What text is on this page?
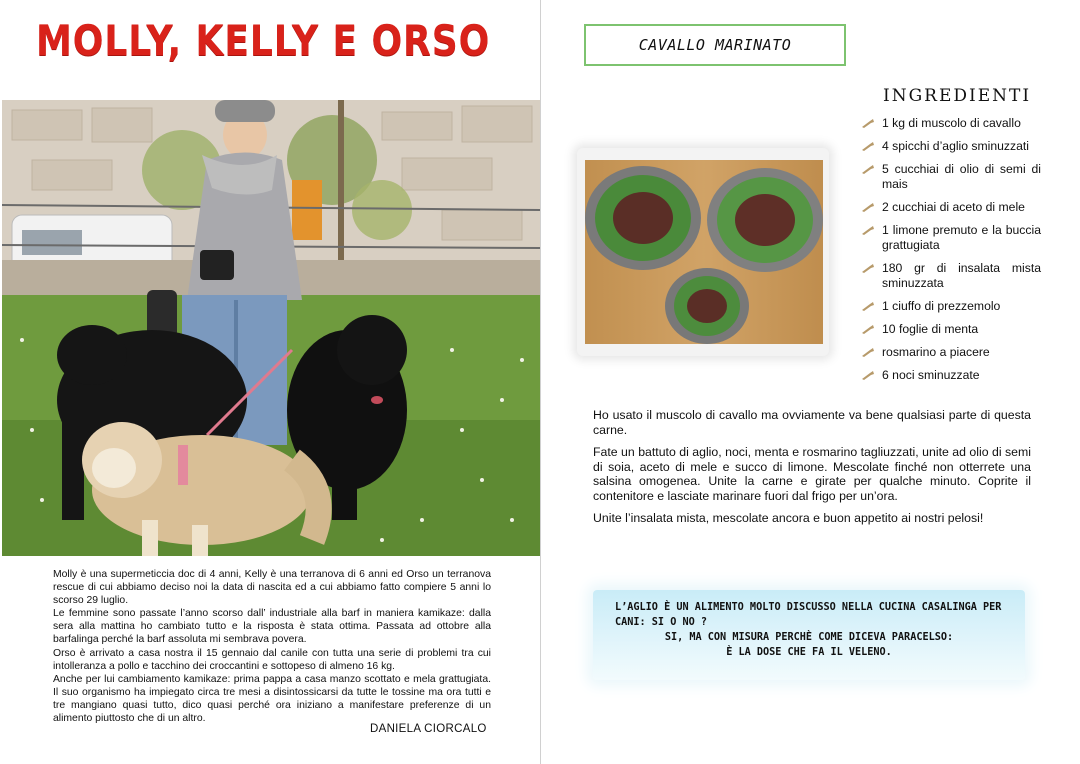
MOLLY, KELLY E ORSO

Molly è una supermeticcia doc di 4 anni, Kelly è una terranova di 6 anni ed Orso un terranova rescue di cui abbiamo deciso noi la data di nascita ed a cui abbiamo fatto compiere 5 anni lo scorso 29 luglio.

Le femmine sono passate l’anno scorso dall’ industriale alla barf in maniera kamikaze: dalla sera alla mattina ho cambiato tutto e la risposta è stata ottima. Passata ad ottobre alla barfalinga perché la barf assoluta mi sembrava povera.

Orso è arrivato a casa nostra il 15 gennaio dal canile con tutta una serie di problemi tra cui intolleranza a pollo e tacchino dei croccantini e sottopeso di almeno 16 kg.

Anche per lui cambiamento kamikaze: prima pappa a casa manzo scottato e mela grattugiata. Il suo organismo ha impiegato circa tre mesi a disintossicarsi da tutte le tossine ma ora tutti e tre mangiano quasi tutto, dico quasi perché ora iniziano a manifestare preferenze di un alimento piuttosto che di un altro.

DANIELA CIORCALO
CAVALLO MARINATO
INGREDIENTI
1 kg di muscolo di cavallo
4 spicchi d’aglio sminuzzati
5 cucchiai di olio di semi di mais
2 cucchiai di aceto di mele
1 limone premuto e la buccia grattugiata
180 gr di insalata mista sminuzzata
1 ciuffo di prezzemolo
10 foglie di menta
rosmarino a piacere
6 noci sminuzzate

Ho usato il muscolo di cavallo ma ovviamente va bene qualsiasi parte di questa carne.

Fate un battuto di aglio, noci, menta e rosmarino tagliuzzati, unite ad olio di semi di soia, aceto di mele e succo di limone. Mescolate finché non otterrete una salsina omogenea. Unite la carne e girate per qualche minuto. Coprite il contenitore e lasciate marinare fuori dal frigo per un’ora.

Unite l’insalata mista, mescolate ancora e buon appetito ai nostri pelosi!

L’AGLIO È UN ALIMENTO MOLTO DISCUSSO NELLA CUCINA CASALINGA PER CANI: SI O NO ?
SI, MA CON MISURA PERCHÈ COME DICEVA PARACELSO:
È LA DOSE CHE FA IL VELENO.
